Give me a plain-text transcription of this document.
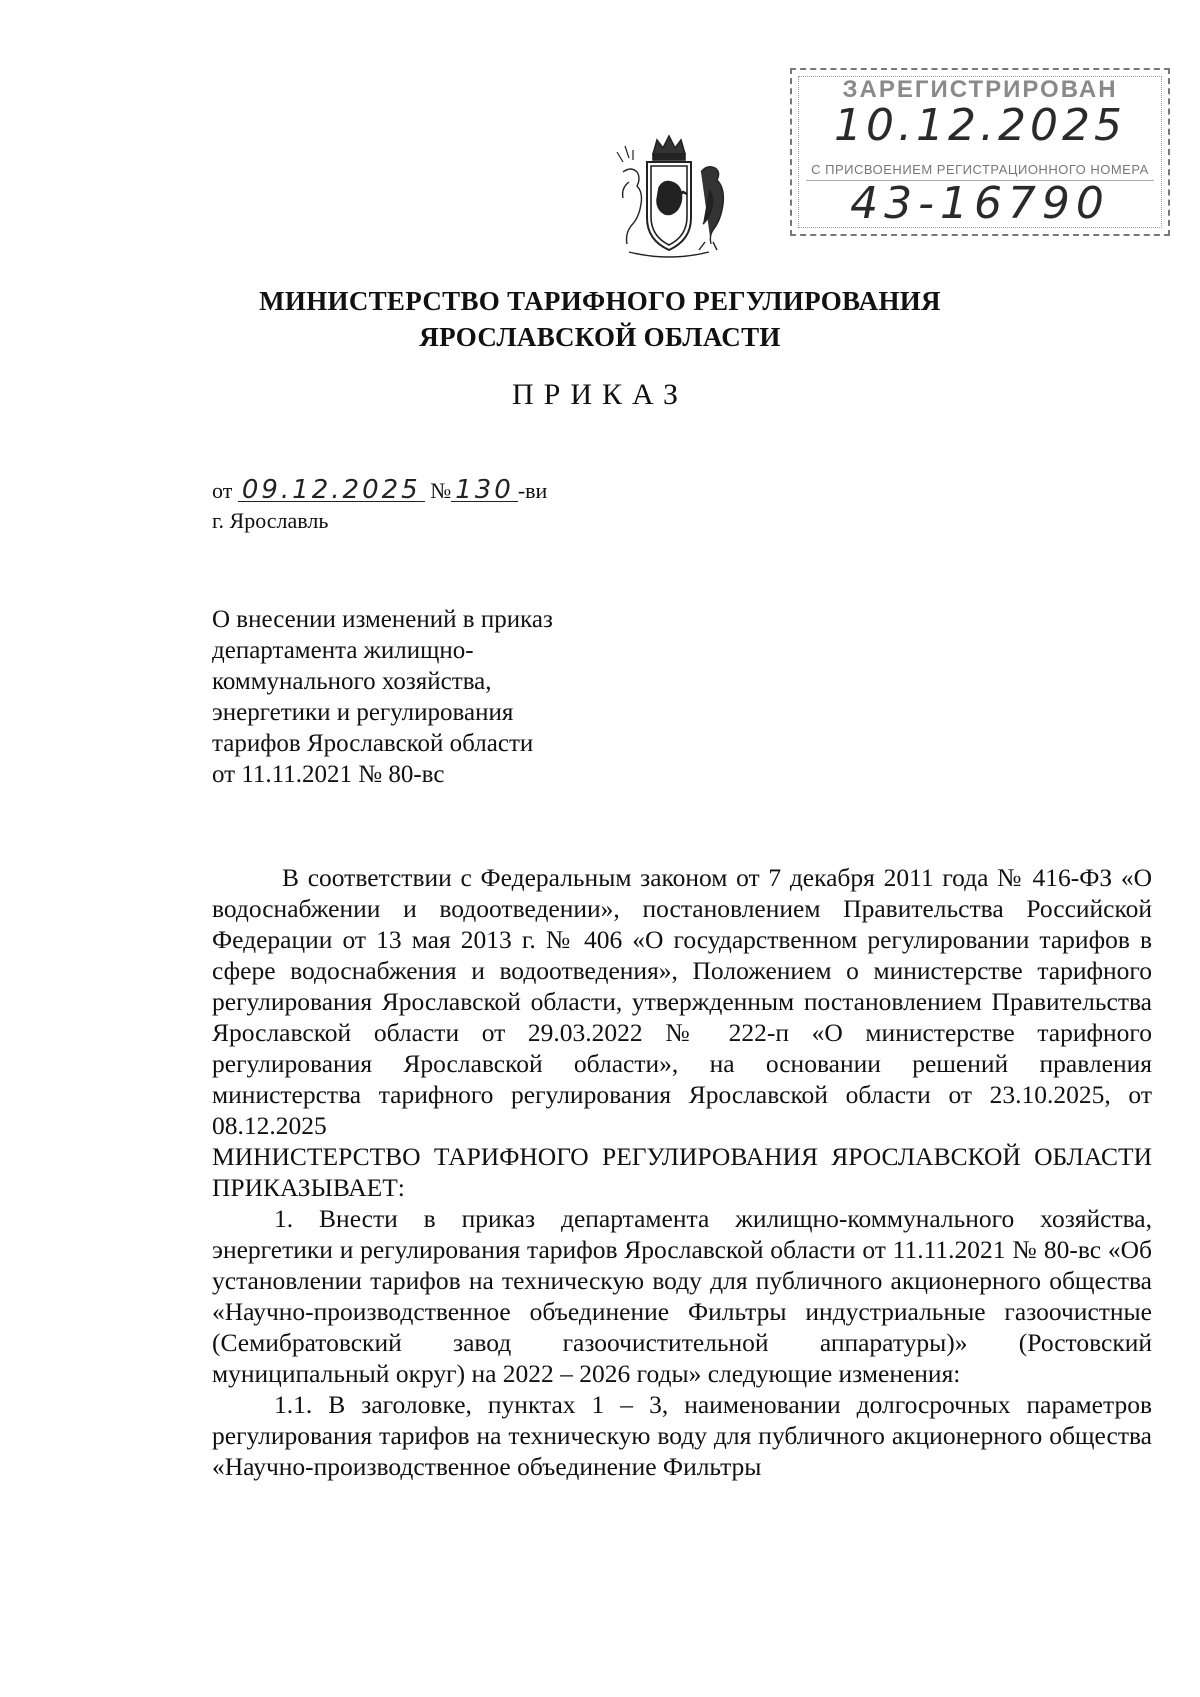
ЗАРЕГИСТРИРОВАН
10.12.2025
С ПРИСВОЕНИЕМ РЕГИСТРАЦИОННОГО НОМЕРА
43-16790
МИНИСТЕРСТВО ТАРИФНОГО РЕГУЛИРОВАНИЯ
ЯРОСЛАВСКОЙ ОБЛАСТИ
ПРИКАЗ
от 09.12.2025 № 130 -ви
г. Ярославль
О внесении изменений в приказ
департамента жилищно-
коммунального хозяйства,
энергетики и регулирования
тарифов Ярославской области
от 11.11.2021 № 80-вс

В соответствии с Федеральным законом от 7 декабря 2011 года № 416-ФЗ «О водоснабжении и водоотведении», постановлением Правительства Российской Федерации от 13 мая 2013 г. № 406 «О государственном регулировании тарифов в сфере водоснабжения и водоотведения», Положением о министерстве тарифного регулирования Ярославской области, утвержденным постановлением Правительства Ярославской области от 29.03.2022 № 222-п «О министерстве тарифного регулирования Ярославской области», на основании решений правления министерства тарифного регулирования Ярославской области от 23.10.2025, от 08.12.2025

МИНИСТЕРСТВО ТАРИФНОГО РЕГУЛИРОВАНИЯ ЯРОСЛАВСКОЙ ОБЛАСТИ ПРИКАЗЫВАЕТ:

1. Внести в приказ департамента жилищно-коммунального хозяйства, энергетики и регулирования тарифов Ярославской области от 11.11.2021 № 80-вс «Об установлении тарифов на техническую воду для публичного акционерного общества «Научно-производственное объединение Фильтры индустриальные газоочистные (Семибратовский завод газоочистительной аппаратуры)» (Ростовский муниципальный округ) на 2022 – 2026 годы» следующие изменения:

1.1. В заголовке, пунктах 1 – 3, наименовании долгосрочных параметров регулирования тарифов на техническую воду для публичного акционерного общества «Научно-производственное объединение Фильтры
